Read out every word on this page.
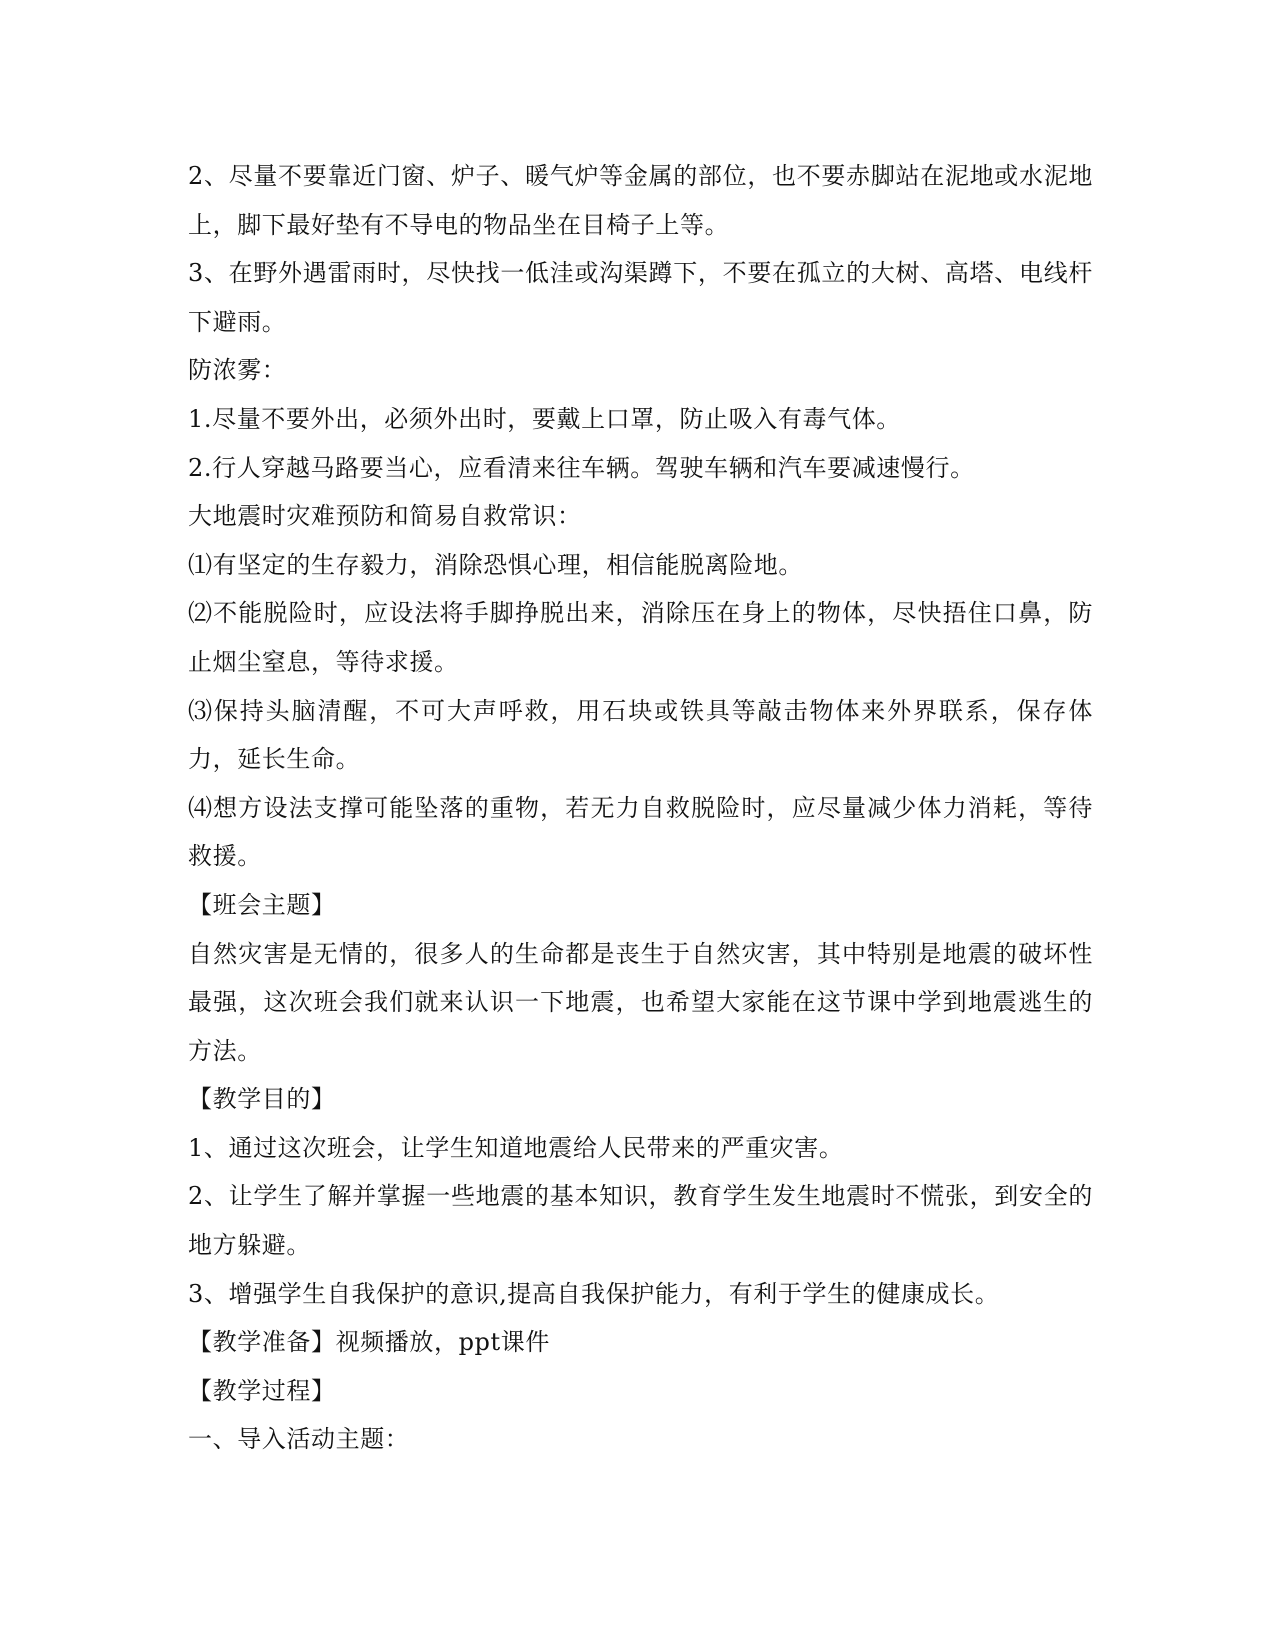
2、尽量不要靠近门窗、炉子、暖气炉等金属的部位，也不要赤脚站在泥地或水泥地上，脚下最好垫有不导电的物品坐在目椅子上等。

3、在野外遇雷雨时，尽快找一低洼或沟渠蹲下，不要在孤立的大树、高塔、电线杆下避雨。

防浓雾：

1.尽量不要外出，必须外出时，要戴上口罩，防止吸入有毒气体。

2.行人穿越马路要当心，应看清来往车辆。驾驶车辆和汽车要减速慢行。

大地震时灾难预防和简易自救常识：

⑴有坚定的生存毅力，消除恐惧心理，相信能脱离险地。

⑵不能脱险时，应设法将手脚挣脱出来，消除压在身上的物体，尽快捂住口鼻，防止烟尘窒息，等待求援。

⑶保持头脑清醒，不可大声呼救，用石块或铁具等敲击物体来外界联系，保存体力，延长生命。

⑷想方设法支撑可能坠落的重物，若无力自救脱险时，应尽量减少体力消耗，等待救援。

【班会主题】

自然灾害是无情的，很多人的生命都是丧生于自然灾害，其中特别是地震的破坏性最强，这次班会我们就来认识一下地震，也希望大家能在这节课中学到地震逃生的方法。

【教学目的】

1、通过这次班会，让学生知道地震给人民带来的严重灾害。

2、让学生了解并掌握一些地震的基本知识，教育学生发生地震时不慌张，到安全的地方躲避。

3、增强学生自我保护的意识,提高自我保护能力，有利于学生的健康成长。

【教学准备】视频播放，ppt课件

【教学过程】

一、导入活动主题：
